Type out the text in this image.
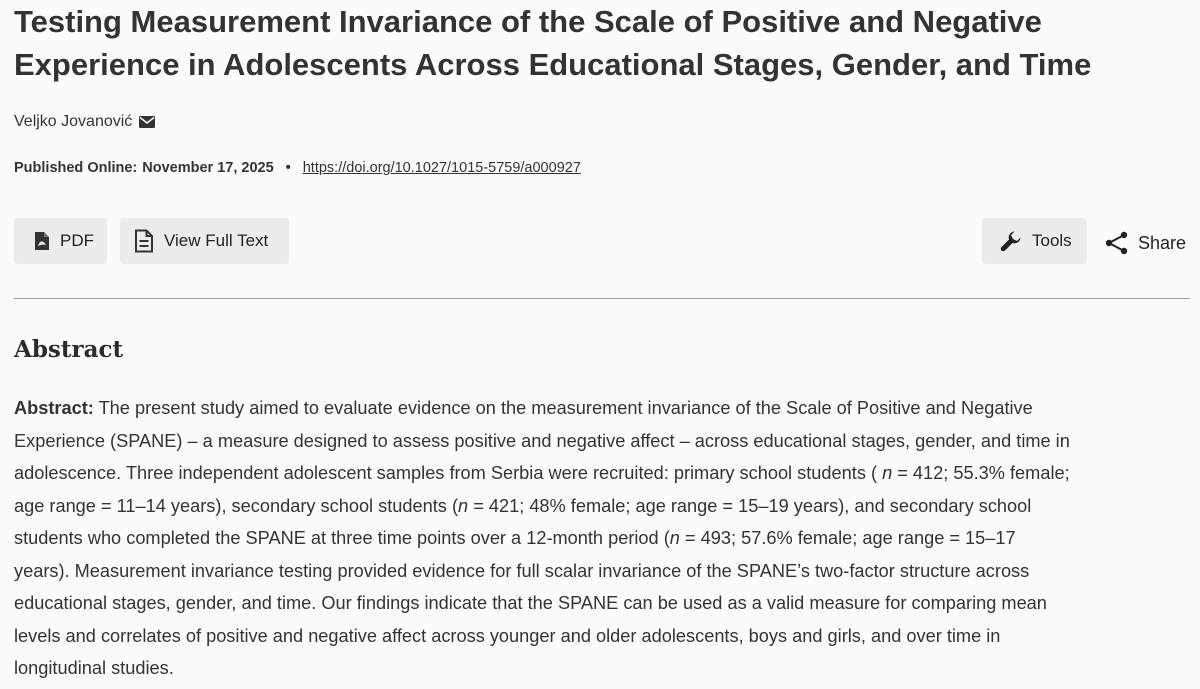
Testing Measurement Invariance of the Scale of Positive and Negative
Experience in Adolescents Across Educational Stages, Gender, and Time
Veljko Jovanović
Published Online: November 17, 2025 • https://doi.org/10.1027/1015-5759/a000927
PDF	View Full Text	Tools	Share
Abstract

Abstract: The present study aimed to evaluate evidence on the measurement invariance of the Scale of Positive and Negative
Experience (SPANE) – a measure designed to assess positive and negative affect – across educational stages, gender, and time in
adolescence. Three independent adolescent samples from Serbia were recruited: primary school students ( n = 412; 55.3% female;
age range = 11–14 years), secondary school students (n = 421; 48% female; age range = 15–19 years), and secondary school
students who completed the SPANE at three time points over a 12-month period (n = 493; 57.6% female; age range = 15–17
years). Measurement invariance testing provided evidence for full scalar invariance of the SPANE’s two-factor structure across
educational stages, gender, and time. Our findings indicate that the SPANE can be used as a valid measure for comparing mean
levels and correlates of positive and negative affect across younger and older adolescents, boys and girls, and over time in
longitudinal studies.
